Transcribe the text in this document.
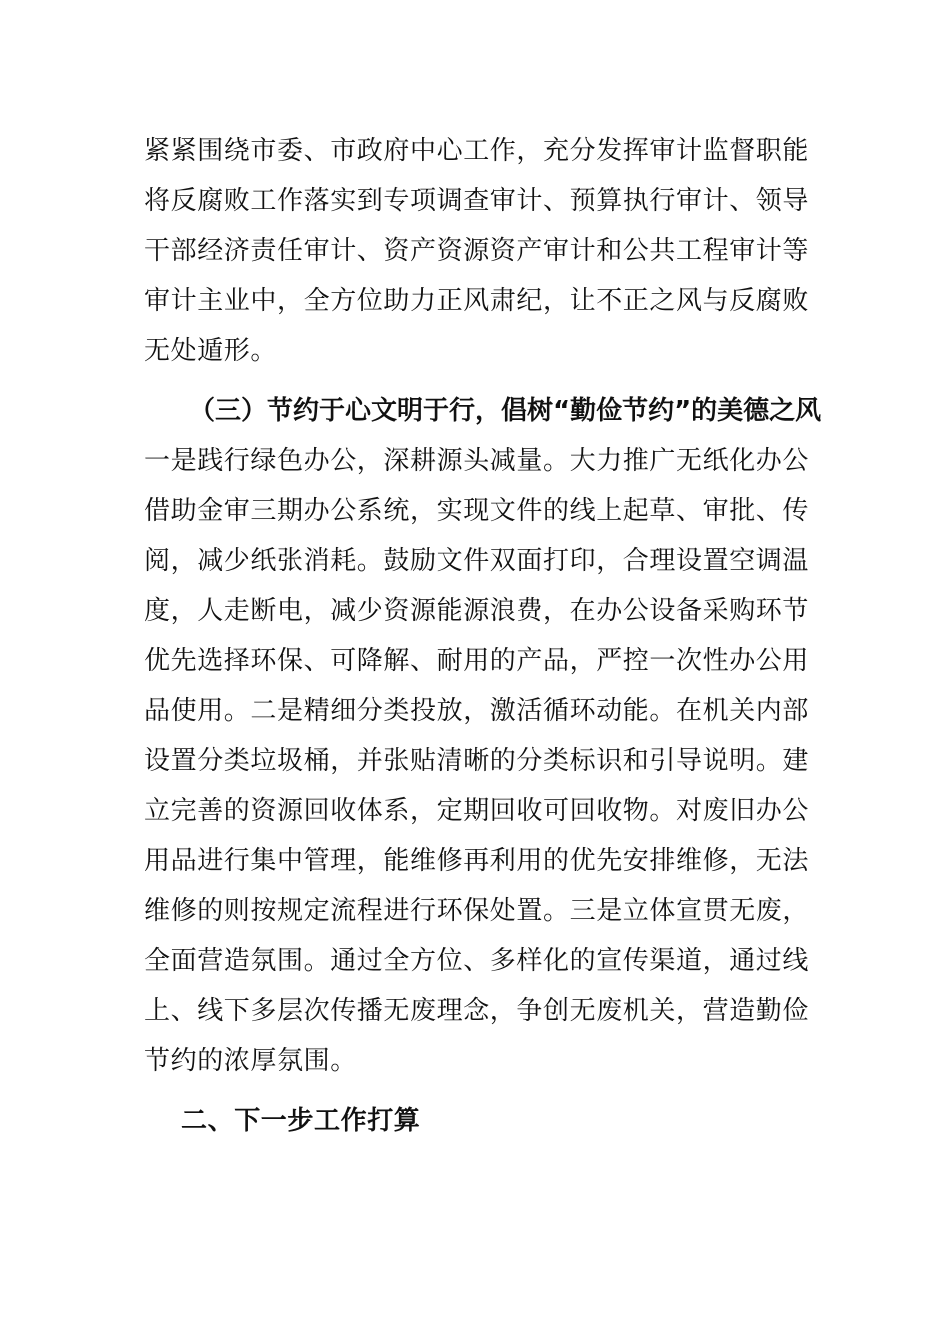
紧紧围绕市委、市政府中心工作，充分发挥审计监督职能
将反腐败工作落实到专项调查审计、预算执行审计、领导
干部经济责任审计、资产资源资产审计和公共工程审计等
审计主业中，全方位助力正风肃纪，让不正之风与反腐败
无处遁形。
（三）节约于心文明于行，倡树“勤俭节约”的美德之风
一是践行绿色办公，深耕源头减量。大力推广无纸化办公
借助金审三期办公系统，实现文件的线上起草、审批、传
阅，减少纸张消耗。鼓励文件双面打印，合理设置空调温
度，人走断电，减少资源能源浪费，在办公设备采购环节
优先选择环保、可降解、耐用的产品，严控一次性办公用
品使用。二是精细分类投放，激活循环动能。在机关内部
设置分类垃圾桶，并张贴清晰的分类标识和引导说明。建
立完善的资源回收体系，定期回收可回收物。对废旧办公
用品进行集中管理，能维修再利用的优先安排维修，无法
维修的则按规定流程进行环保处置。三是立体宣贯无废，
全面营造氛围。通过全方位、多样化的宣传渠道，通过线
上、线下多层次传播无废理念，争创无废机关，营造勤俭
节约的浓厚氛围。
二、下一步工作打算
